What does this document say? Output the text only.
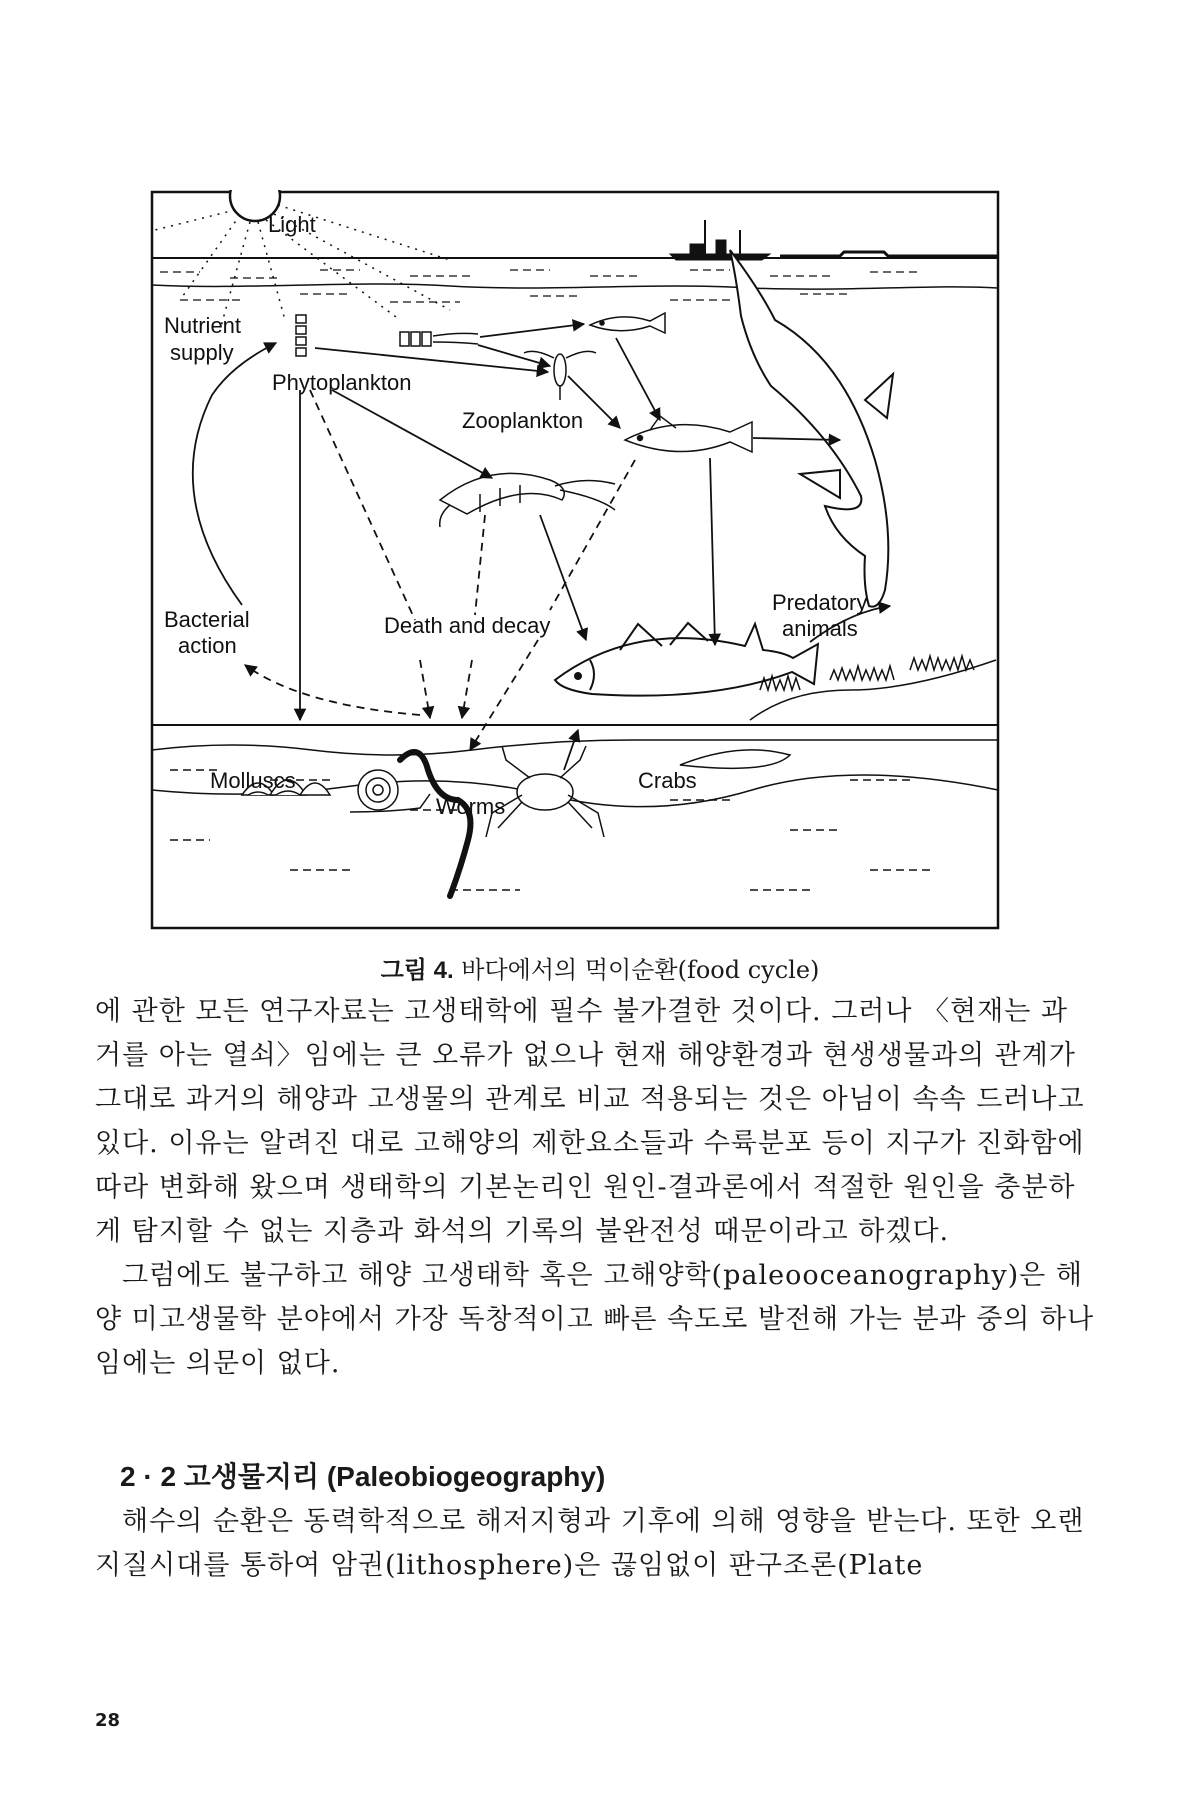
Light
Nutrient
supply
Phytoplankton
Zooplankton
Bacterial
action
Death and decay
Predatory
animals
Molluscs	Crabs
Worms
그림 4. 바다에서의 먹이순환(food cycle)

에 관한 모든 연구자료는 고생태학에 필수 불가결한 것이다. 그러나 〈현재는 과거를 아는 열쇠〉임에는 큰 오류가 없으나 현재 해양환경과 현생생물과의 관계가 그대로 과거의 해양과 고생물의 관계로 비교 적용되는 것은 아님이 속속 드러나고 있다. 이유는 알려진 대로 고해양의 제한요소들과 수륙분포 등이 지구가 진화함에 따라 변화해 왔으며 생태학의 기본논리인 원인-결과론에서 적절한 원인을 충분하게 탐지할 수 없는 지층과 화석의 기록의 불완전성 때문이라고 하겠다.

그럼에도 불구하고 해양 고생태학 혹은 고해양학(paleooceanography)은 해양 미고생물학 분야에서 가장 독창적이고 빠른 속도로 발전해 가는 분과 중의 하나임에는 의문이 없다.

2 · 2 고생물지리 (Paleobiogeography)

해수의 순환은 동력학적으로 해저지형과 기후에 의해 영향을 받는다. 또한 오랜 지질시대를 통하여 암권(lithosphere)은 끊임없이 판구조론(Plate

28
